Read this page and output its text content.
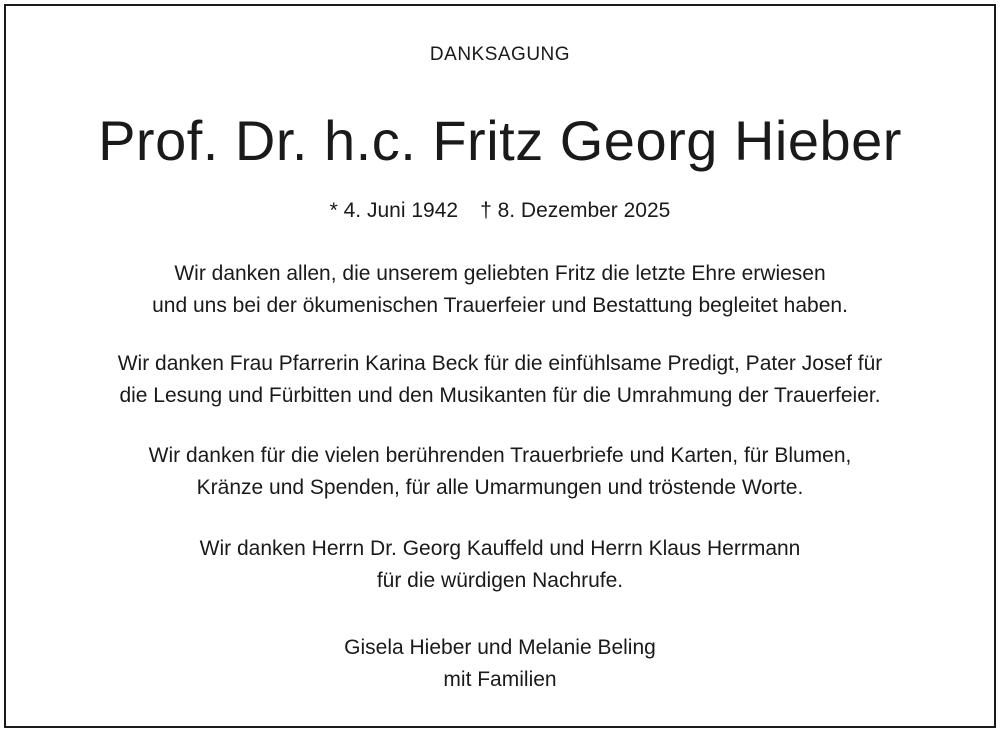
DANKSAGUNG
Prof. Dr. h.c. Fritz Georg Hieber
* 4. Juni 1942 † 8. Dezember 2025
Wir danken allen, die unserem geliebten Fritz die letzte Ehre erwiesen
und uns bei der ökumenischen Trauerfeier und Bestattung begleitet haben.
Wir danken Frau Pfarrerin Karina Beck für die einfühlsame Predigt, Pater Josef für
die Lesung und Fürbitten und den Musikanten für die Umrahmung der Trauerfeier.
Wir danken für die vielen berührenden Trauerbriefe und Karten, für Blumen,
Kränze und Spenden, für alle Umarmungen und tröstende Worte.
Wir danken Herrn Dr. Georg Kauffeld und Herrn Klaus Herrmann
für die würdigen Nachrufe.
Gisela Hieber und Melanie Beling
mit Familien
